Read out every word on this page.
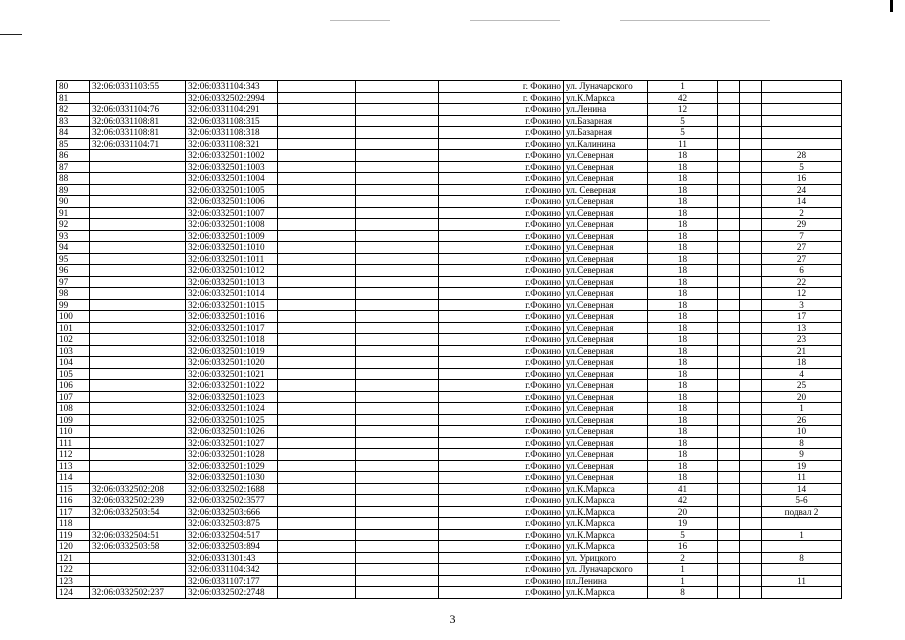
80	32:06:0331103:55	32:06:0331104:343			г. Фокино	ул. Луначарского	1			
81		32:06:0332502:2994			г. Фокино	ул.К.Маркса	42			
82	32:06:0331104:76	32:06:0331104:291			г.Фокино	ул.Ленина	12			
83	32:06:0331108:81	32:06:0331108:315			г.Фокино	ул.Базарная	5			
84	32:06:0331108:81	32:06:0331108:318			г.Фокино	ул.Базарная	5			
85	32:06:0331104:71	32:06:0331108:321			г.Фокино	ул.Калинина	11			
86		32:06:0332501:1002			г.Фокино	ул.Северная	18			28
87		32:06:0332501:1003			г.Фокино	ул.Северная	18			5
88		32:06:0332501:1004			г.Фокино	ул.Северная	18			16
89		32:06:0332501:1005			г.Фокино	ул. Северная	18			24
90		32:06:0332501:1006			г.Фокино	ул.Северная	18			14
91		32:06:0332501:1007			г.Фокино	ул.Северная	18			2
92		32:06:0332501:1008			г.Фокино	ул.Северная	18			29
93		32:06:0332501:1009			г.Фокино	ул.Северная	18			7
94		32:06:0332501:1010			г.Фокино	ул.Северная	18			27
95		32:06:0332501:1011			г.Фокино	ул.Северная	18			27
96		32:06:0332501:1012			г.Фокино	ул.Северная	18			6
97		32:06:0332501:1013			г.Фокино	ул.Северная	18			22
98		32:06:0332501:1014			г.Фокино	ул.Северная	18			12
99		32:06:0332501:1015			г.Фокино	ул.Северная	18			3
100		32:06:0332501:1016			г.Фокино	ул.Северная	18			17
101		32:06:0332501:1017			г.Фокино	ул.Северная	18			13
102		32:06:0332501:1018			г.Фокино	ул.Северная	18			23
103		32:06:0332501:1019			г.Фокино	ул.Северная	18			21
104		32:06:0332501:1020			г.Фокино	ул.Северная	18			18
105		32:06:0332501:1021			г.Фокино	ул.Северная	18			4
106		32:06:0332501:1022			г.Фокино	ул.Северная	18			25
107		32:06:0332501:1023			г.Фокино	ул.Северная	18			20
108		32:06:0332501:1024			г.Фокино	ул.Северная	18			1
109		32:06:0332501:1025			г.Фокино	ул.Северная	18			26
110		32:06:0332501:1026			г.Фокино	ул.Северная	18			10
111		32:06:0332501:1027			г.Фокино	ул.Северная	18			8
112		32:06:0332501:1028			г.Фокино	ул.Северная	18			9
113		32:06:0332501:1029			г.Фокино	ул.Северная	18			19
114		32:06:0332501:1030			г.Фокино	ул.Северная	18			11
115	32:06:0332502:208	32:06:0332502:1688			г.Фокино	ул.К.Маркса	41			14
116	32:06:0332502:239	32:06:0332502:3577			г.Фокино	ул.К.Маркса	42			5-6
117	32:06:0332503:54	32:06:0332503:666			г.Фокино	ул.К.Маркса	20			подвал 2
118		32:06:0332503:875			г.Фокино	ул.К.Маркса	19			
119	32:06:0332504:51	32:06:0332504:517			г.Фокино	ул.К.Маркса	5			1
120	32:06:0332503:58	32:06:0332503:894			г.Фокино	ул.К.Маркса	16			
121		32:06:0331301:43			г.Фокино	ул. Урицкого	2			8
122		32:06:0331104:342			г.Фокино	ул. Луначарского	1			
123		32:06:0331107:177			г.Фокино	пл.Ленина	1			11
124	32:06:0332502:237	32:06:0332502:2748			г.Фокино	ул.К.Маркса	8			
3
